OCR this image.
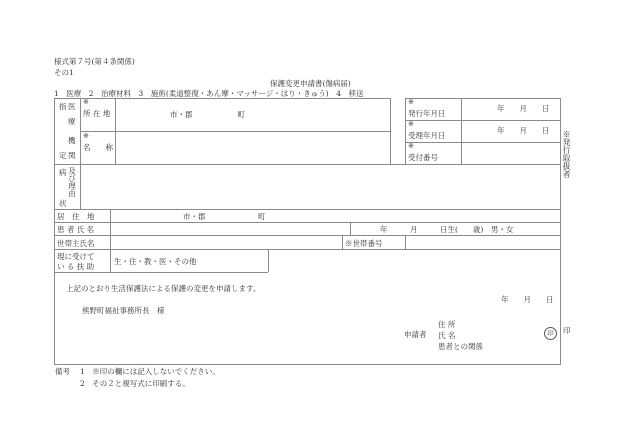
様式第７号(第４条関係)
その1
保護変更申請書(傷病届)
1　医療　2　治療材料　3　施術(柔道整復・あん摩・マッサージ・はり・きゅう)　4　移送
指
定
医
療
機
関
※
所 在 地	市・郡　　　　　　町
※
名　　称
※
発行年月日
年　　月　　日
※
受理年月日
年　　月　　日
※
受付番号	※発行取扱者
病
状
及び理由
居　住　地	市・郡　　　　　　　町
患 者 氏 名	年　　　月　　　日生(　　歳)　男・女
世帯主氏名	※世帯番号
現に受けて
い る 扶 助
生・住・教・医・その他
上記のとおり生活保護法による保護の変更を申請します。
年　　月　　日
熊野町福祉事務所長　様
申請者
住 所
氏 名
患者との関係
印	印
備考 1　※印の欄には記入しないでください。
2　その２と複写式に印刷する。
